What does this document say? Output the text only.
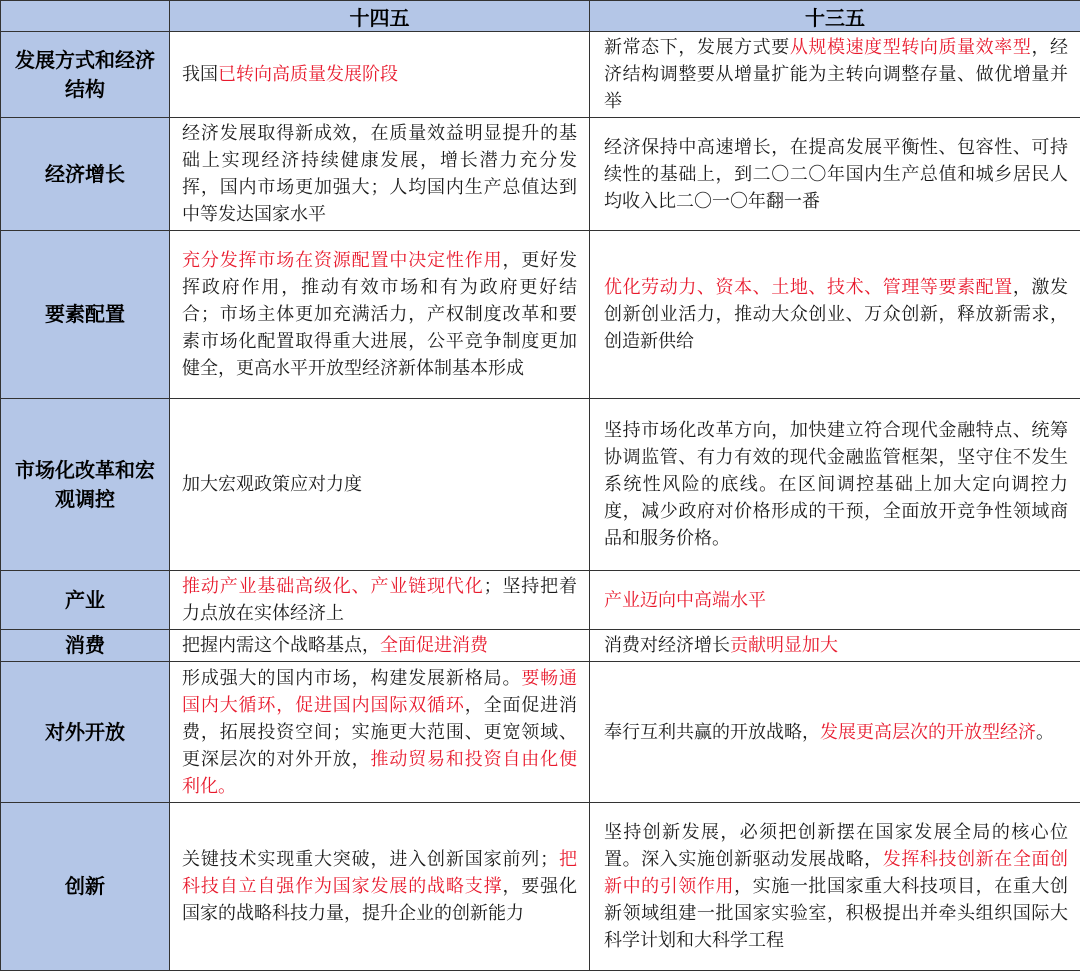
	十四五	十三五
发展方式和经济结构	我国已转向高质量发展阶段	新常态下，发展方式要从规模速度型转向质量效率型，经济结构调整要从增量扩能为主转向调整存量、做优增量并举
经济增长	经济发展取得新成效，在质量效益明显提升的基础上实现经济持续健康发展，增长潜力充分发挥，国内市场更加强大；人均国内生产总值达到中等发达国家水平	经济保持中高速增长，在提高发展平衡性、包容性、可持续性的基础上，到二〇二〇年国内生产总值和城乡居民人均收入比二〇一〇年翻一番
要素配置	充分发挥市场在资源配置中决定性作用，更好发挥政府作用，推动有效市场和有为政府更好结合；市场主体更加充满活力，产权制度改革和要素市场化配置取得重大进展，公平竞争制度更加健全，更高水平开放型经济新体制基本形成	优化劳动力、资本、土地、技术、管理等要素配置，激发创新创业活力，推动大众创业、万众创新，释放新需求，创造新供给
市场化改革和宏观调控	加大宏观政策应对力度	坚持市场化改革方向，加快建立符合现代金融特点、统筹协调监管、有力有效的现代金融监管框架，坚守住不发生系统性风险的底线。在区间调控基础上加大定向调控力度，减少政府对价格形成的干预，全面放开竞争性领域商品和服务价格。
产业	推动产业基础高级化、产业链现代化；坚持把着力点放在实体经济上	产业迈向中高端水平
消费	把握内需这个战略基点，全面促进消费	消费对经济增长贡献明显加大
对外开放	形成强大的国内市场，构建发展新格局。要畅通国内大循环，促进国内国际双循环，全面促进消费，拓展投资空间；实施更大范围、更宽领域、更深层次的对外开放，推动贸易和投资自由化便利化。	奉行互利共赢的开放战略，发展更高层次的开放型经济。
创新	关键技术实现重大突破，进入创新国家前列；把科技自立自强作为国家发展的战略支撑，要强化国家的战略科技力量，提升企业的创新能力	坚持创新发展，必须把创新摆在国家发展全局的核心位置。深入实施创新驱动发展战略，发挥科技创新在全面创新中的引领作用，实施一批国家重大科技项目，在重大创新领域组建一批国家实验室，积极提出并牵头组织国际大科学计划和大科学工程
